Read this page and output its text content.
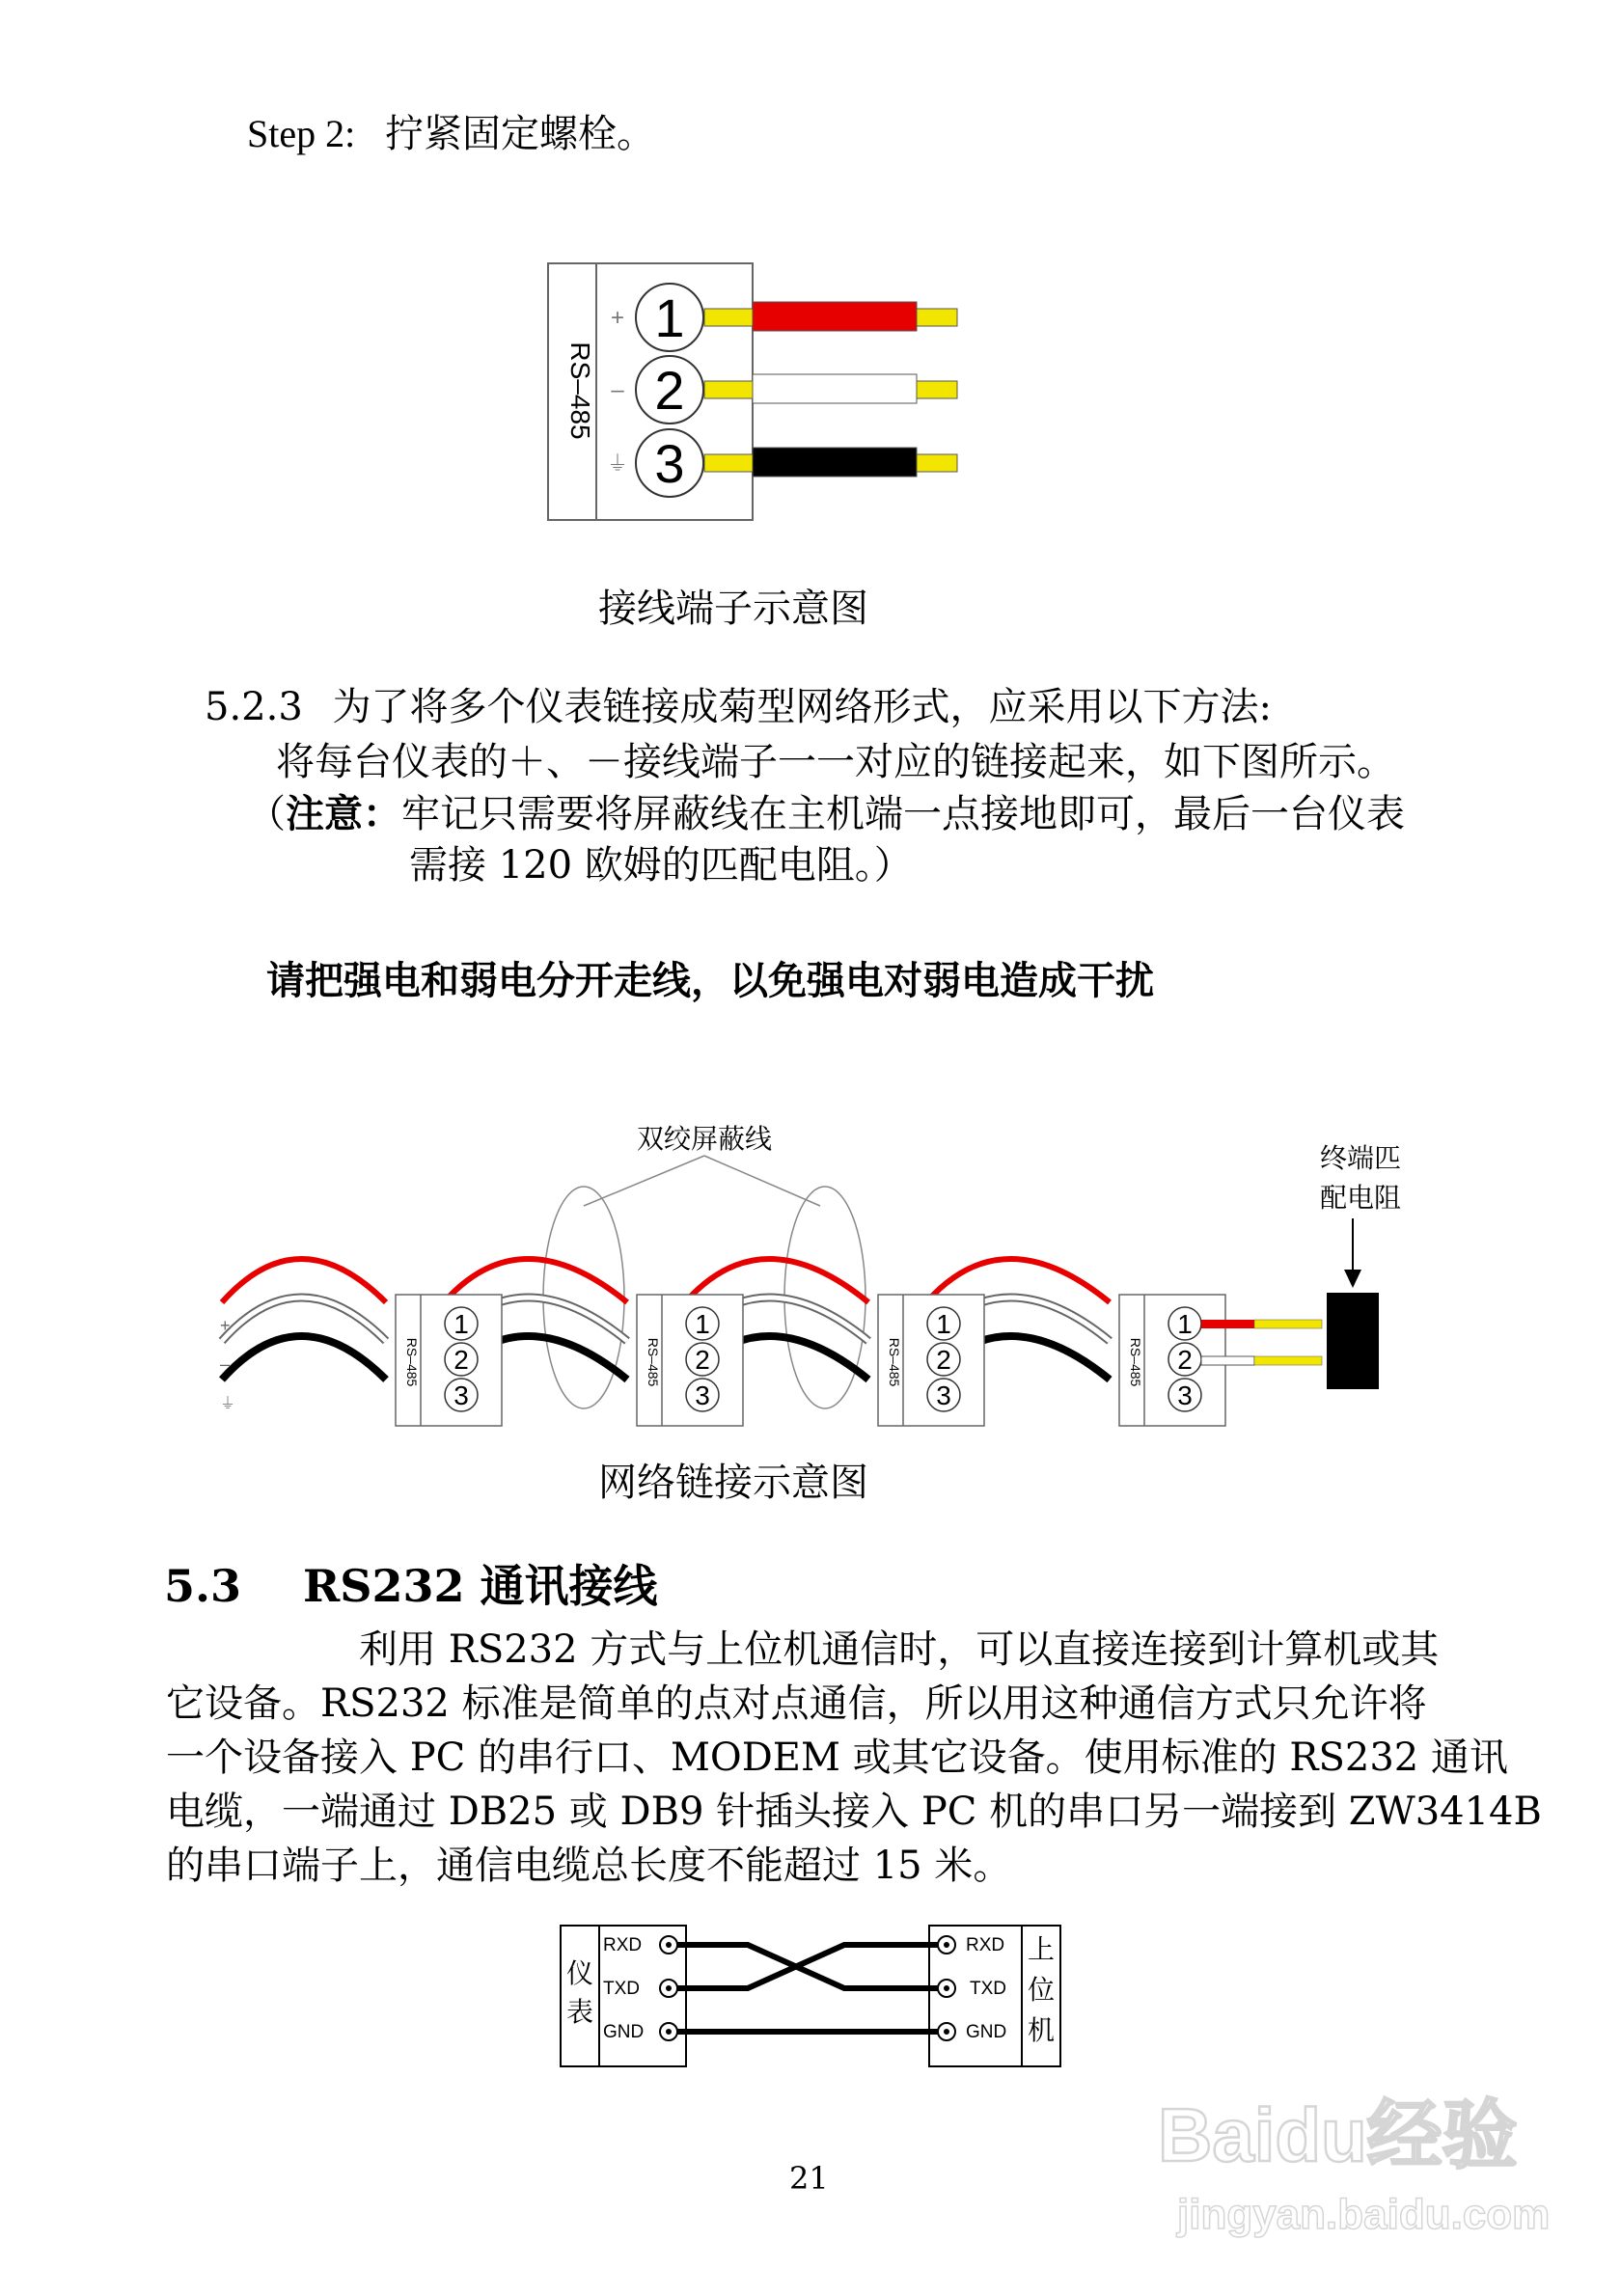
Step 2: 拧紧固定螺栓。
RS–485
1
2
3
+
–
⏚
接线端子示意图
5.2.3 为了将多个仪表链接成菊型网络形式，应采用以下方法:
将每台仪表的＋、－接线端子一一对应的链接起来，如下图所示。
（注意：牢记只需要将屏蔽线在主机端一点接地即可，最后一台仪表
需接 120 欧姆的匹配电阻。）
请把强电和弱电分开走线，以免强电对弱电造成干扰
双绞屏蔽线
终端匹
配电阻
+
–
⏚
RS–485
1
2
3
RS–485
1
2
3
RS–485
1
2
3
RS–485
1
2
3
网络链接示意图
5.3 RS232 通讯接线

　　　　　利用 RS232 方式与上位机通信时，可以直接连接到计算机或其

它设备。RS232 标准是简单的点对点通信，所以用这种通信方式只允许将

一个设备接入 PC 的串行口、MODEM 或其它设备。使用标准的 RS232 通讯

电缆，一端通过 DB25 或 DB9 针插头接入 PC 机的串口另一端接到 ZW3414B

的串口端子上，通信电缆总长度不能超过 15 米。

仪
表
RXD
TXD
GND
上
位
机
RXD
TXD
GND
21
Baidu经验
jingyan.baidu.com
